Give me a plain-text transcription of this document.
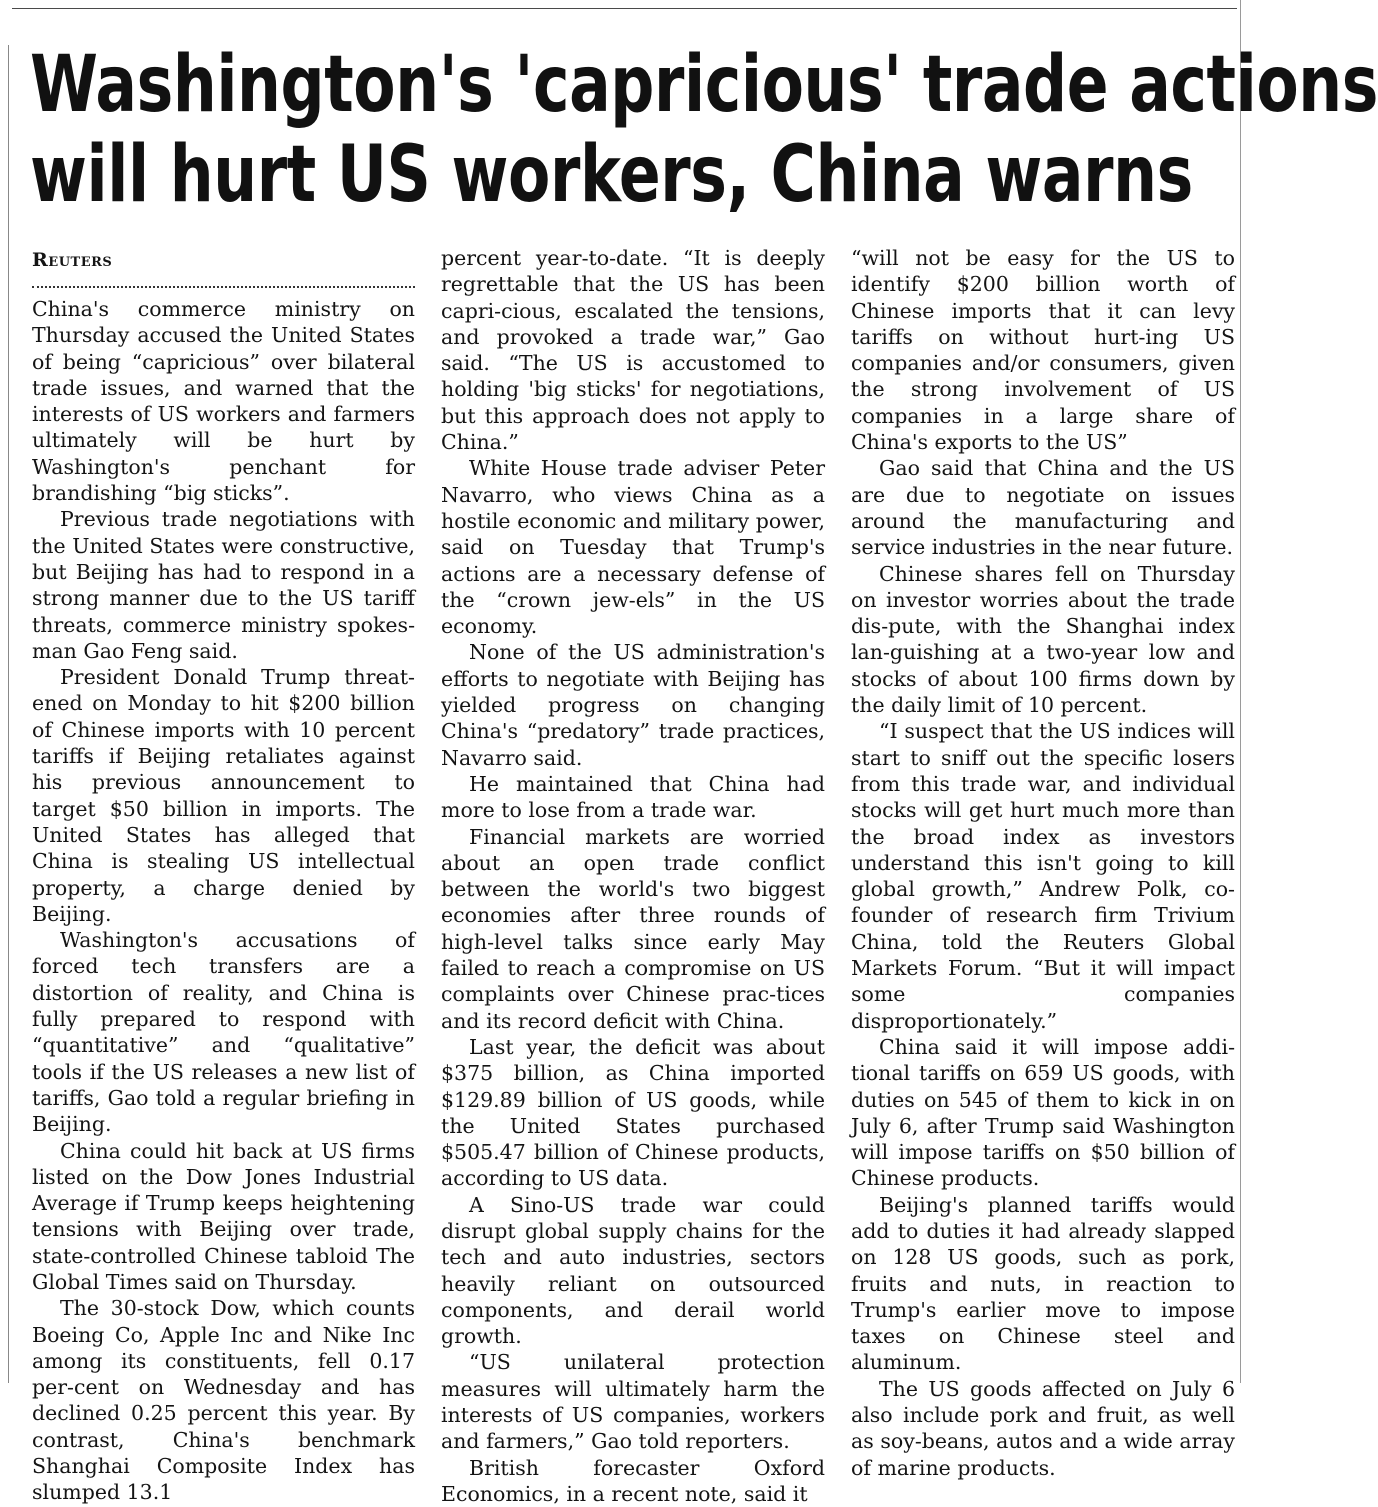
Washington's 'capricious' trade actions
will hurt US workers, China warns
Reuters

China's commerce ministry on Thursday accused the United States of being “capricious” over bilateral trade issues, and warned that the interests of US workers and farmers ultimately will be hurt by Washington's penchant for brandishing “big sticks”.

Previous trade negotiations with the United States were constructive, but Beijing has had to respond in a strong manner due to the US tariff threats, commerce ministry spokes-man Gao Feng said.

President Donald Trump threat-ened on Monday to hit $200 billion of Chinese imports with 10 percent tariffs if Beijing retaliates against his previous announcement to target $50 billion in imports. The United States has alleged that China is stealing US intellectual property, a charge denied by Beijing.

Washington's accusations of forced tech transfers are a distortion of reality, and China is fully prepared to respond with “quantitative” and “qualitative” tools if the US releases a new list of tariffs, Gao told a regular briefing in Beijing.

China could hit back at US firms listed on the Dow Jones Industrial Average if Trump keeps heightening tensions with Beijing over trade, state-controlled Chinese tabloid The Global Times said on Thursday.

The 30-stock Dow, which counts Boeing Co, Apple Inc and Nike Inc among its constituents, fell 0.17 per-cent on Wednesday and has declined 0.25 percent this year. By contrast, China's benchmark Shanghai Composite Index has slumped 13.1

percent year-to-date. “It is deeply regrettable that the US has been capri-cious, escalated the tensions, and provoked a trade war,” Gao said. “The US is accustomed to holding 'big sticks' for negotiations, but this approach does not apply to China.”

White House trade adviser Peter Navarro, who views China as a hostile economic and military power, said on Tuesday that Trump's actions are a necessary defense of the “crown jew-els” in the US economy.

None of the US administration's efforts to negotiate with Beijing has yielded progress on changing China's “predatory” trade practices, Navarro said.

He maintained that China had more to lose from a trade war.

Financial markets are worried about an open trade conflict between the world's two biggest economies after three rounds of high-level talks since early May failed to reach a compromise on US complaints over Chinese prac-tices and its record deficit with China.

Last year, the deficit was about $375 billion, as China imported $129.89 billion of US goods, while the United States purchased $505.47 billion of Chinese products, according to US data.

A Sino-US trade war could disrupt global supply chains for the tech and auto industries, sectors heavily reliant on outsourced components, and derail world growth.

“US unilateral protection measures will ultimately harm the interests of US companies, workers and farmers,” Gao told reporters.

British forecaster Oxford Economics, in a recent note, said it

“will not be easy for the US to identify $200 billion worth of Chinese imports that it can levy tariffs on without hurt-ing US companies and/or consumers, given the strong involvement of US companies in a large share of China's exports to the US”

Gao said that China and the US are due to negotiate on issues around the manufacturing and service industries in the near future.

Chinese shares fell on Thursday on investor worries about the trade dis-pute, with the Shanghai index lan-guishing at a two-year low and stocks of about 100 firms down by the daily limit of 10 percent.

“I suspect that the US indices will start to sniff out the specific losers from this trade war, and individual stocks will get hurt much more than the broad index as investors understand this isn't going to kill global growth,” Andrew Polk, co-founder of research firm Trivium China, told the Reuters Global Markets Forum. “But it will impact some companies disproportionately.”

China said it will impose addi-tional tariffs on 659 US goods, with duties on 545 of them to kick in on July 6, after Trump said Washington will impose tariffs on $50 billion of Chinese products.

Beijing's planned tariffs would add to duties it had already slapped on 128 US goods, such as pork, fruits and nuts, in reaction to Trump's earlier move to impose taxes on Chinese steel and aluminum.

The US goods affected on July 6 also include pork and fruit, as well as soy-beans, autos and a wide array of marine products.
